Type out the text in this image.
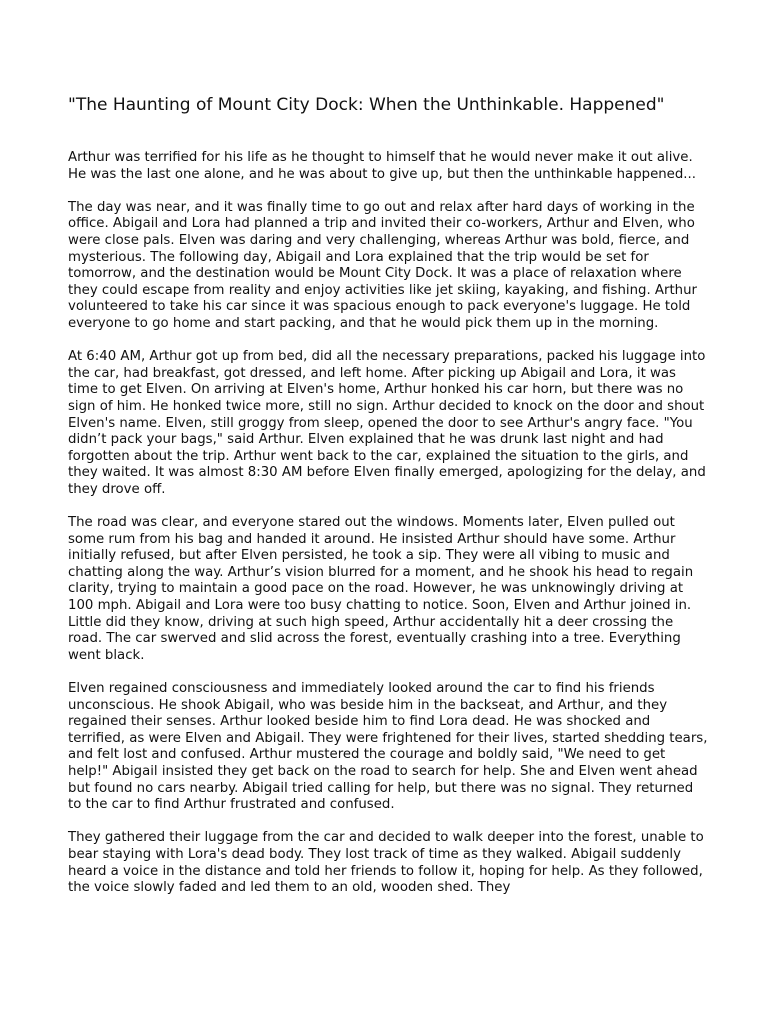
"The Haunting of Mount City Dock: When the Unthinkable. Happened"

Arthur was terrified for his life as he thought to himself that he would never make it out alive. He was the last one alone, and he was about to give up, but then the unthinkable happened...

The day was near, and it was finally time to go out and relax after hard days of working in the office. Abigail and Lora had planned a trip and invited their co-workers, Arthur and Elven, who were close pals. Elven was daring and very challenging, whereas Arthur was bold, fierce, and mysterious. The following day, Abigail and Lora explained that the trip would be set for tomorrow, and the destination would be Mount City Dock. It was a place of relaxation where they could escape from reality and enjoy activities like jet skiing, kayaking, and fishing. Arthur volunteered to take his car since it was spacious enough to pack everyone's luggage. He told everyone to go home and start packing, and that he would pick them up in the morning.

At 6:40 AM, Arthur got up from bed, did all the necessary preparations, packed his luggage into the car, had breakfast, got dressed, and left home. After picking up Abigail and Lora, it was time to get Elven. On arriving at Elven's home, Arthur honked his car horn, but there was no sign of him. He honked twice more, still no sign. Arthur decided to knock on the door and shout Elven's name. Elven, still groggy from sleep, opened the door to see Arthur's angry face. "You didn’t pack your bags," said Arthur. Elven explained that he was drunk last night and had forgotten about the trip. Arthur went back to the car, explained the situation to the girls, and they waited. It was almost 8:30 AM before Elven finally emerged, apologizing for the delay, and they drove off.

The road was clear, and everyone stared out the windows. Moments later, Elven pulled out some rum from his bag and handed it around. He insisted Arthur should have some. Arthur initially refused, but after Elven persisted, he took a sip. They were all vibing to music and chatting along the way. Arthur’s vision blurred for a moment, and he shook his head to regain clarity, trying to maintain a good pace on the road. However, he was unknowingly driving at 100 mph. Abigail and Lora were too busy chatting to notice. Soon, Elven and Arthur joined in. Little did they know, driving at such high speed, Arthur accidentally hit a deer crossing the road. The car swerved and slid across the forest, eventually crashing into a tree. Everything went black.

Elven regained consciousness and immediately looked around the car to find his friends unconscious. He shook Abigail, who was beside him in the backseat, and Arthur, and they regained their senses. Arthur looked beside him to find Lora dead. He was shocked and terrified, as were Elven and Abigail. They were frightened for their lives, started shedding tears, and felt lost and confused. Arthur mustered the courage and boldly said, "We need to get help!" Abigail insisted they get back on the road to search for help. She and Elven went ahead but found no cars nearby. Abigail tried calling for help, but there was no signal. They returned to the car to find Arthur frustrated and confused.

They gathered their luggage from the car and decided to walk deeper into the forest, unable to bear staying with Lora's dead body. They lost track of time as they walked. Abigail suddenly heard a voice in the distance and told her friends to follow it, hoping for help. As they followed, the voice slowly faded and led them to an old, wooden shed. They
